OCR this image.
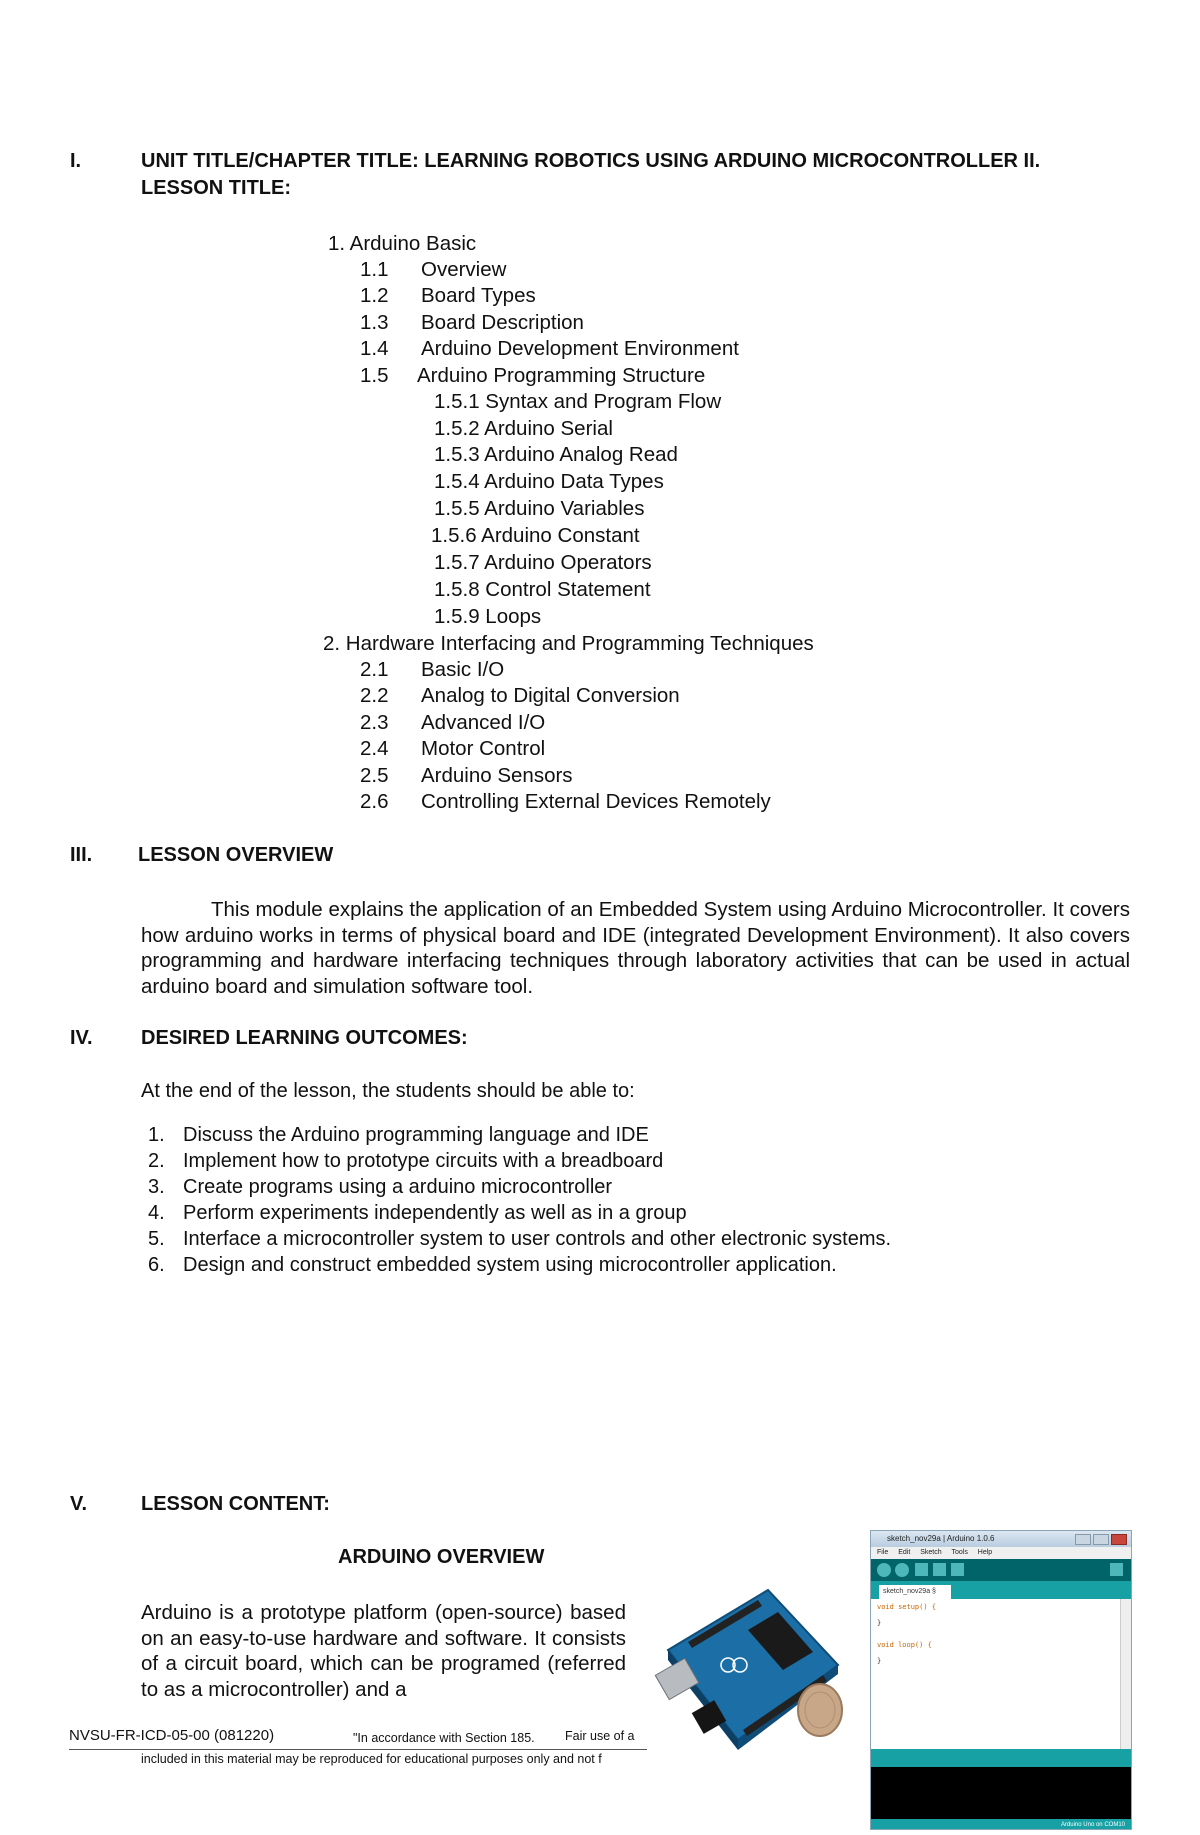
I.	UNIT TITLE/CHAPTER TITLE: LEARNING ROBOTICS USING ARDUINO MICROCONTROLLER II.
LESSON TITLE:
1. Arduino Basic
1.1 Overview
1.2 Board Types
1.3 Board Description
1.4 Arduino Development Environment
1.5 Arduino Programming Structure
1.5.1 Syntax and Program Flow
1.5.2 Arduino Serial
1.5.3 Arduino Analog Read
1.5.4 Arduino Data Types
1.5.5 Arduino Variables
1.5.6 Arduino Constant
1.5.7 Arduino Operators
1.5.8 Control Statement
1.5.9 Loops
2. Hardware Interfacing and Programming Techniques
2.1 Basic I/O
2.2 Analog to Digital Conversion
2.3 Advanced I/O
2.4 Motor Control
2.5 Arduino Sensors
2.6 Controlling External Devices Remotely
III. LESSON OVERVIEW
This module explains the application of an Embedded System using Arduino Microcontroller. It covers how arduino works in terms of physical board and IDE (integrated Development Environment). It also covers programming and hardware interfacing techniques through laboratory activities that can be used in actual arduino board and simulation software tool.
IV. DESIRED LEARNING OUTCOMES:
At the end of the lesson, the students should be able to:
1. Discuss the Arduino programming language and IDE
2. Implement how to prototype circuits with a breadboard
3. Create programs using a arduino microcontroller
4. Perform experiments independently as well as in a group
5. Interface a microcontroller system to user controls and other electronic systems.
6. Design and construct embedded system using microcontroller application.
V.	LESSON CONTENT:
ARDUINO OVERVIEW
Arduino is a prototype platform (open-source) based on an easy-to-use hardware and software. It consists of a circuit board, which can be programed (referred to as a microcontroller) and a
sketch_nov29a | Arduino 1.0.6
File Edit Sketch Tools Help
sketch_nov29a §
void setup() {
}
void loop() {
}
Arduino Uno on COM10
NVSU-FR-ICD-05-00 (081220)	"In accordance with Section 185. Fair use of a
included in this material may be reproduced for educational purposes only and not f
